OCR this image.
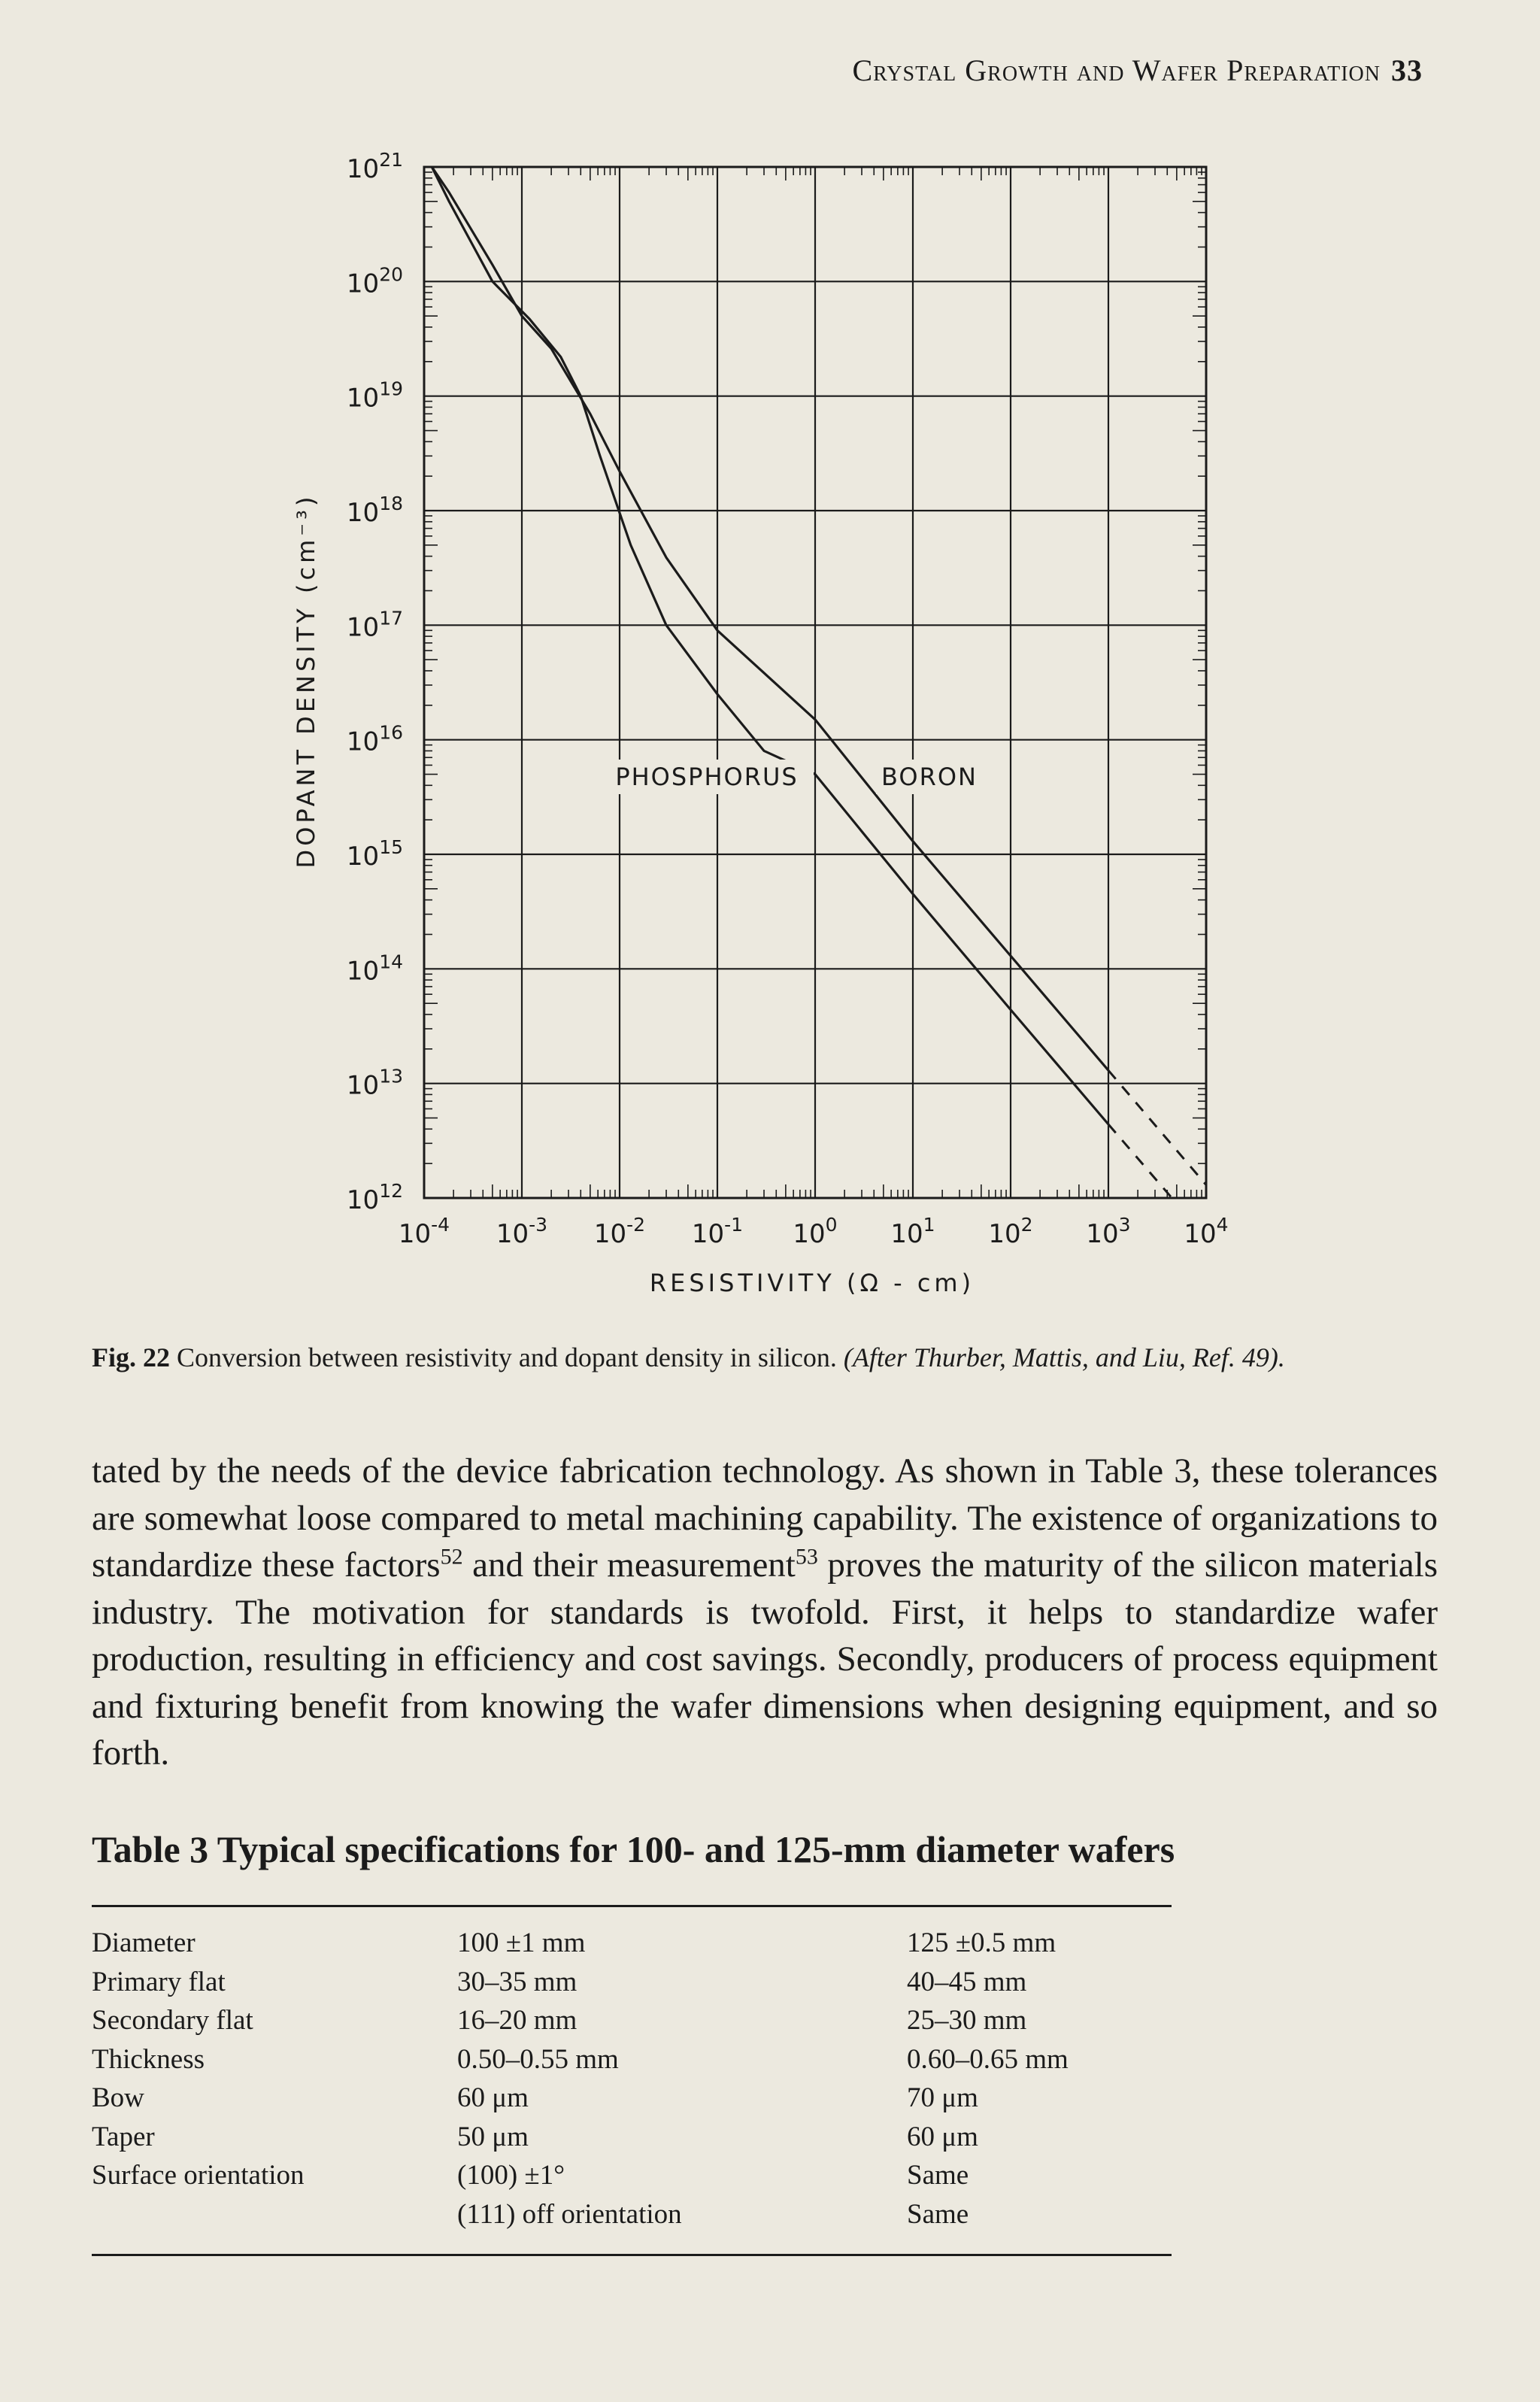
Crystal Growth and Wafer Preparation 33
$10^{-4}$ $10^{-3}$ $10^{-2}$ $10^{-1}$ $10^0$ $10^1$ $10^2$ $10^3$ $10^4$
$10^{21}$
$10^{20}$
$10^{19}$
$10^{18}$
$10^{17}$
$10^{16}$
$10^{15}$
$10^{14}$
$10^{13}$
$10^{12}$
DOPANT DENSITY (cm⁻³)
RESISTIVITY (Ω - cm)
PHOSPHORUS	BORON
Fig. 22 Conversion between resistivity and dopant density in silicon. (After Thurber, Mattis, and Liu, Ref. 49).
tated by the needs of the device fabrication technology. As shown in Table 3, these tolerances are somewhat loose compared to metal machining capability. The existence of organizations to standardize these factors$^{52}$ and their measurement$^{53}$ proves the maturity of the silicon materials industry. The motivation for standards is twofold. First, it helps to standardize wafer production, resulting in efficiency and cost savings. Secondly, producers of process equipment and fixturing benefit from knowing the wafer dimensions when designing equipment, and so forth.
Table 3 Typical specifications for 100- and 125-mm diameter wafers
Diameter	100 ±1 mm	125 ±0.5 mm
Primary flat	30–35 mm	40–45 mm
Secondary flat	16–20 mm	25–30 mm
Thickness	0.50–0.55 mm	0.60–0.65 mm
Bow	60 μm	70 μm
Taper	50 μm	60 μm
Surface orientation	(100) ±1°	Same
	(111) off orientation	Same
